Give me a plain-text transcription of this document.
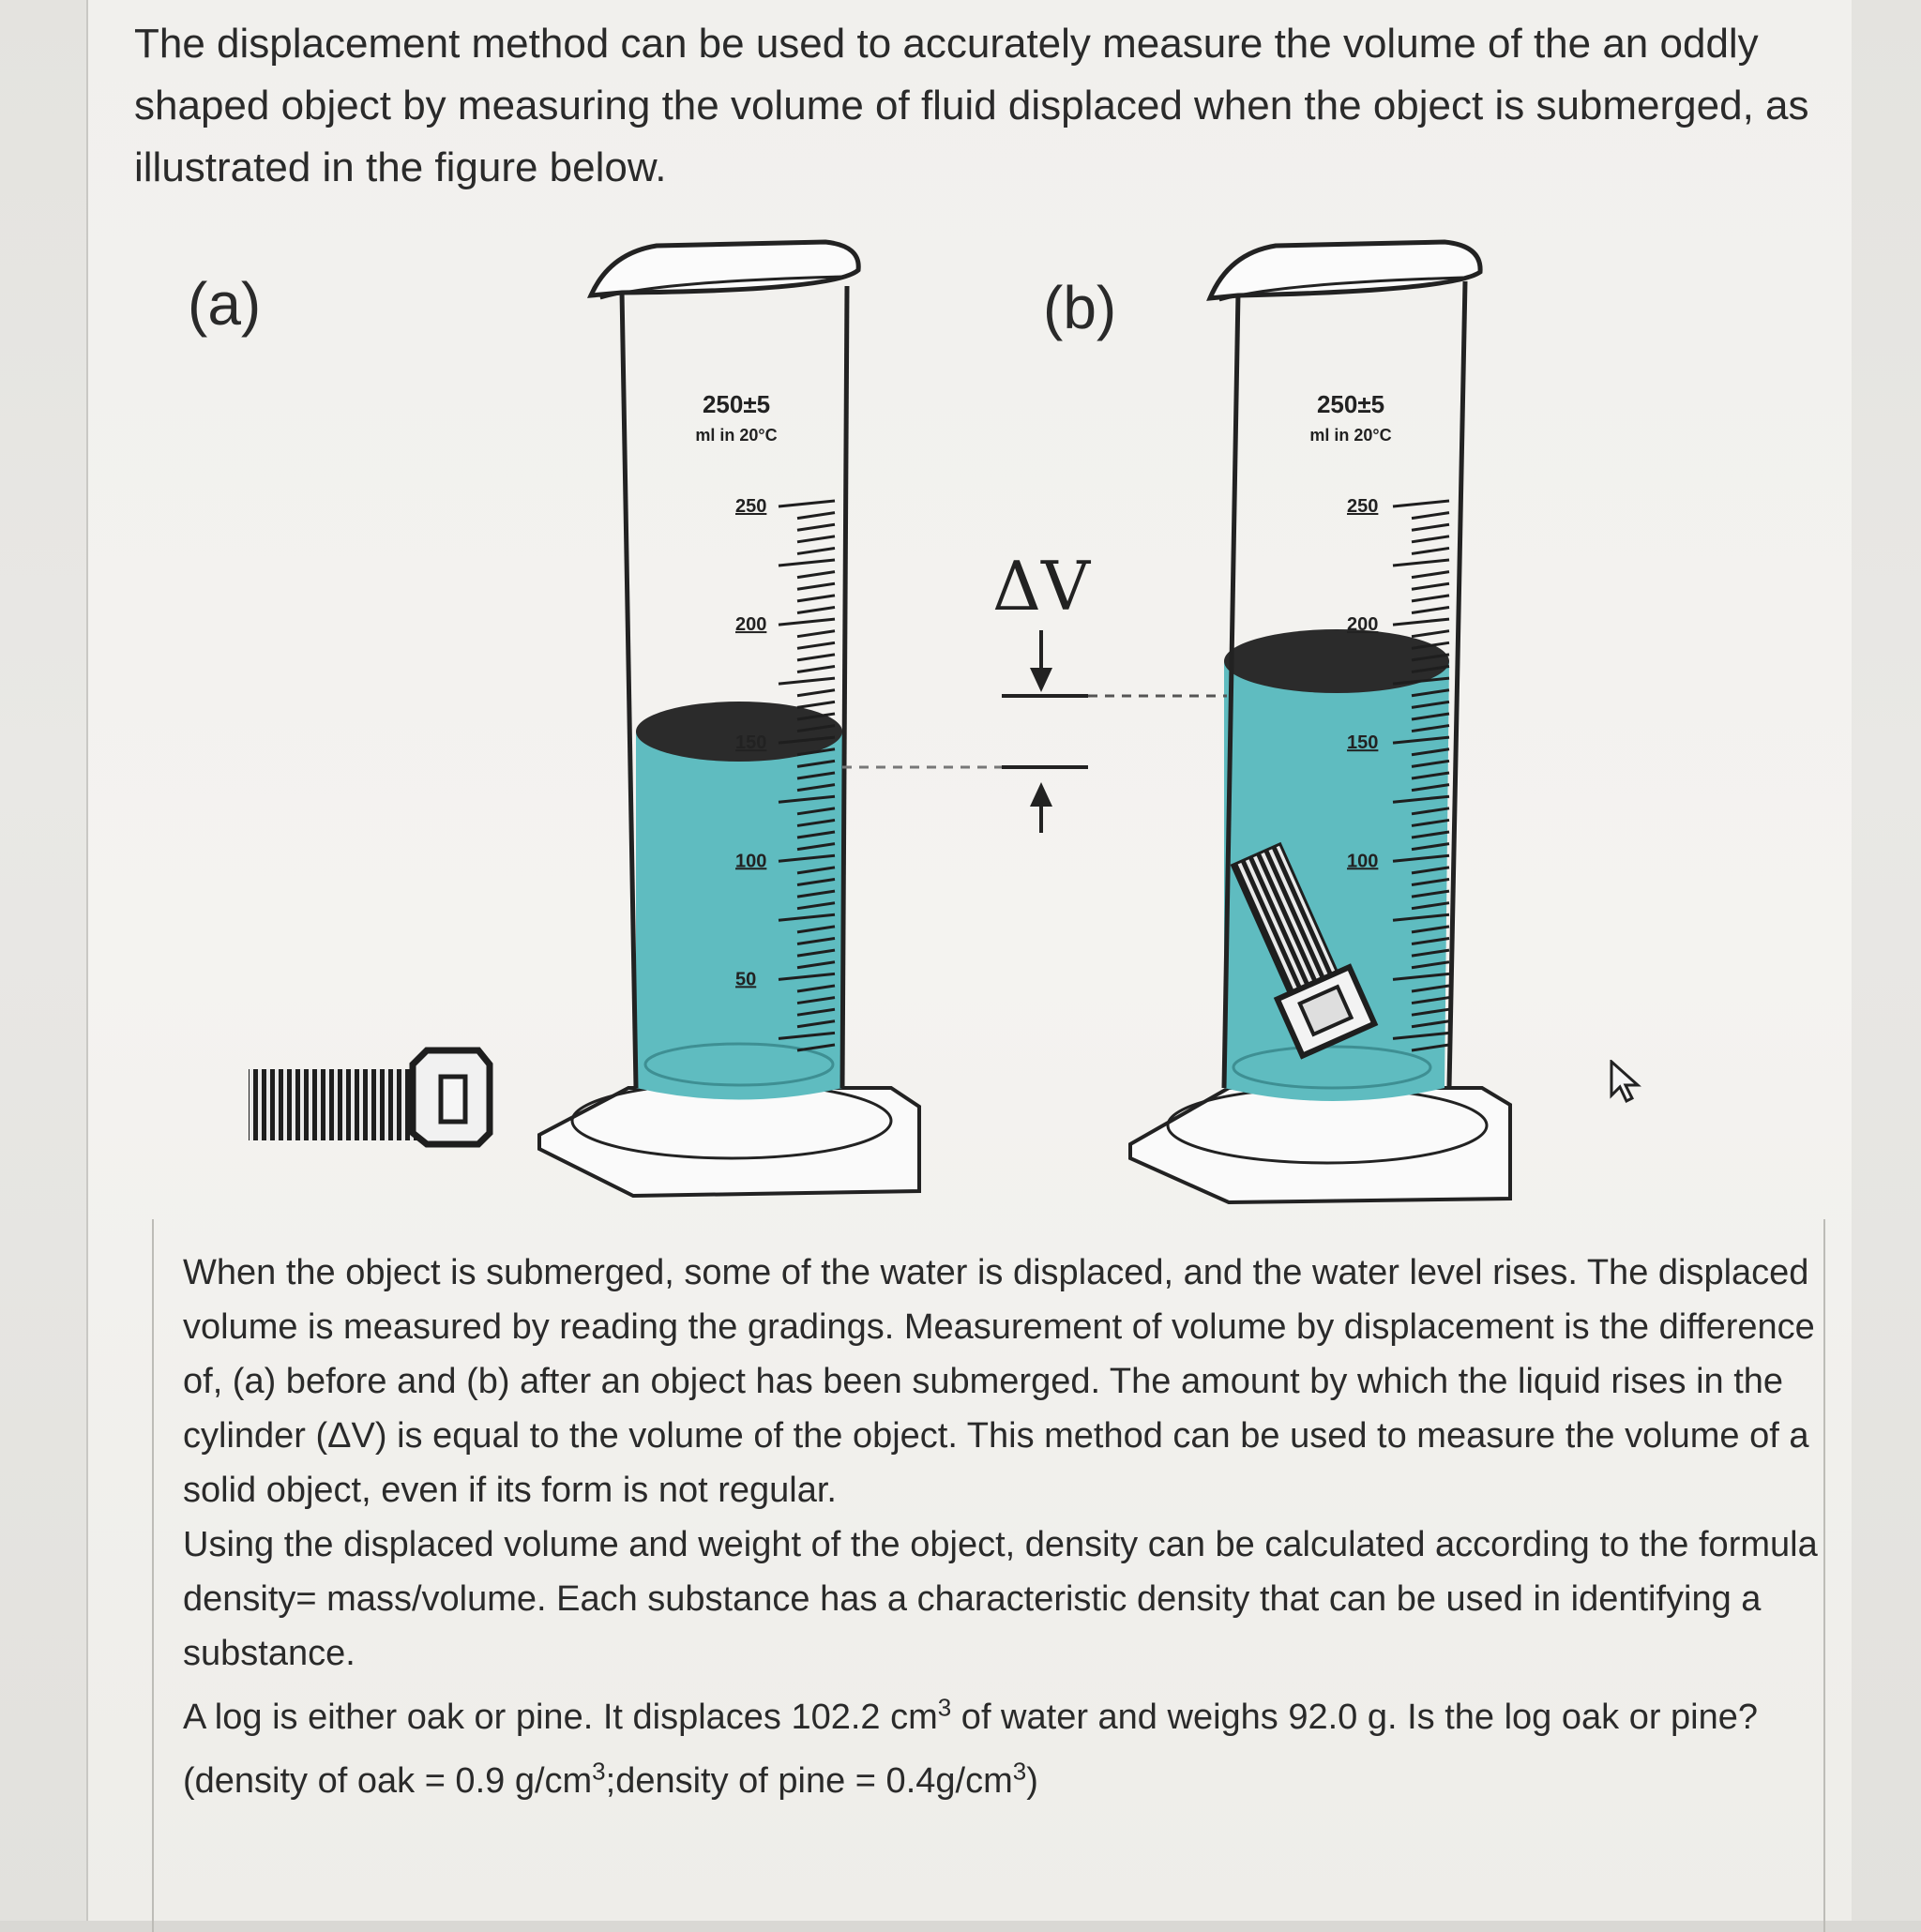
The displacement method can be used to accurately measure the volume of the an oddly shaped object by measuring the volume of fluid displaced when the object is submerged, as illustrated in the figure below.

(a)	(b)
250±5
ml in 20°C
250
200
150
100
50
250±5
ml in 20°C
250
200
150
100
ΔV

When the object is submerged, some of the water is displaced, and the water level rises. The displaced volume is measured by reading the gradings. Measurement of volume by displacement is the difference of, (a) before and (b) after an object has been submerged. The amount by which the liquid rises in the cylinder (ΔV) is equal to the volume of the object. This method can be used to measure the volume of a solid object, even if its form is not regular.

Using the displaced volume and weight of the object, density can be calculated according to the formula density= mass/volume. Each substance has a characteristic density that can be used in identifying a substance.

A log is either oak or pine. It displaces 102.2 $cm^3$ of water and weighs 92.0 g. Is the log oak or pine?

(density of oak = 0.9 $g/cm^3;density$ of pine = $0.4g/cm^3$)
